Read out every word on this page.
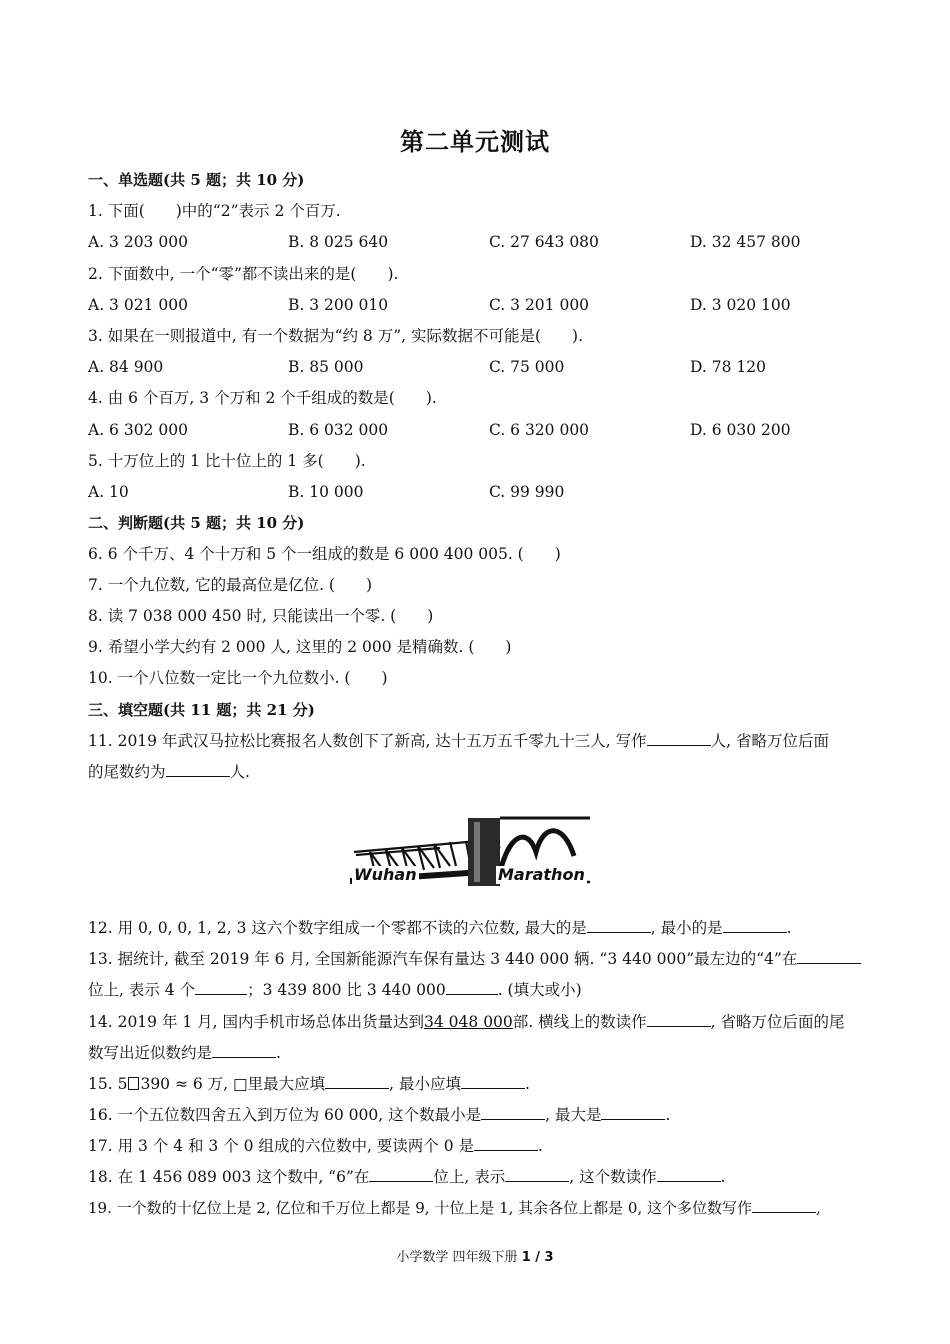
第二单元测试
一、单选题(共 5 题；共 10 分)
1. 下面(　　)中的“2”表示 2 个百万.
A. 3 203 000	B. 8 025 640	C. 27 643 080	D. 32 457 800
2. 下面数中, 一个“零”都不读出来的是(　　).
A. 3 021 000	B. 3 200 010	C. 3 201 000	D. 3 020 100
3. 如果在一则报道中, 有一个数据为“约 8 万”, 实际数据不可能是(　　).
A. 84 900	B. 85 000	C. 75 000	D. 78 120
4. 由 6 个百万, 3 个万和 2 个千组成的数是(　　).
A. 6 302 000	B. 6 032 000	C. 6 320 000	D. 6 030 200
5. 十万位上的 1 比十位上的 1 多(　　).
A. 10	B. 10 000	C. 99 990
二、判断题(共 5 题；共 10 分)
6. 6 个千万、4 个十万和 5 个一组成的数是 6 000 400 005. (　　)
7. 一个九位数, 它的最高位是亿位. (　　)
8. 读 7 038 000 450 时, 只能读出一个零. (　　)
9. 希望小学大约有 2 000 人, 这里的 2 000 是精确数. (　　)
10. 一个八位数一定比一个九位数小. (　　)
三、填空题(共 11 题；共 21 分)
11. 2019 年武汉马拉松比赛报名人数创下了新高, 达十五万五千零九十三人, 写作	人, 省略万位后面
的尾数约为	人.
Wuhan	Marathon
12. 用 0, 0, 0, 1, 2, 3 这六个数字组成一个零都不读的六位数, 最大的是	, 最小的是	.
13. 据统计, 截至 2019 年 6 月, 全国新能源汽车保有量达 3 440 000 辆. “3 440 000”最左边的“4”在
位上, 表示 4 个	；3 439 800 比 3 440 000	. (填大或小)
14. 2019 年 1 月, 国内手机市场总体出货量达到34 048 000部. 横线上的数读作	, 省略万位后面的尾
数写出近似数约是	.
15. 5 390 ≈ 6 万, □里最大应填	, 最小应填	.
16. 一个五位数四舍五入到万位为 60 000, 这个数最小是	, 最大是	.
17. 用 3 个 4 和 3 个 0 组成的六位数中, 要读两个 0 是	.
18. 在 1 456 089 003 这个数中, “6”在	位上, 表示	, 这个数读作	.
19. 一个数的十亿位上是 2, 亿位和千万位上都是 9, 十位上是 1, 其余各位上都是 0, 这个多位数写作	,
小学数学 四年级下册 1 / 3
